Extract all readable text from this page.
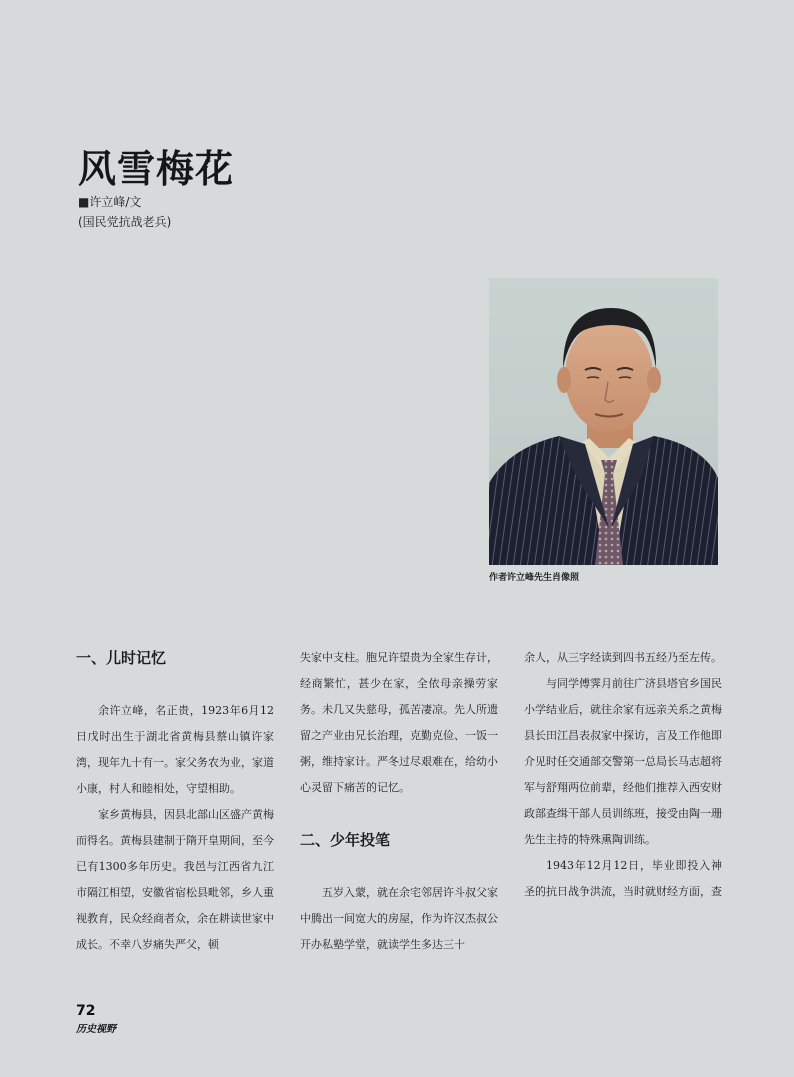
风雪梅花
■许立峰/文
(国民党抗战老兵)
作者许立峰先生肖像照
一、儿时记忆

余许立峰，名正贵，1923年6月12日戊时出生于湖北省黄梅县蔡山镇许家湾，现年九十有一。家父务农为业，家道小康，村人和睦相处，守望相助。

家乡黄梅县，因县北部山区盛产黄梅而得名。黄梅县建制于隋开皇期间，至今已有1300多年历史。我邑与江西省九江市隔江相望，安徽省宿松县毗邻，乡人重视教育，民众经商者众，余在耕读世家中成长。不幸八岁痛失严父，顿

失家中支柱。胞兄许望贵为全家生存计，经商繁忙，甚少在家，全依母亲操劳家务。未几又失慈母，孤苦凄凉。先人所遗留之产业由兄长治理，克勤克俭、一饭一粥，维持家计。严冬过尽艰难在，给幼小心灵留下痛苦的记忆。

二、少年投笔

五岁入蒙，就在余宅邻居许斗叔父家中腾出一间宽大的房屋，作为许汉杰叔公开办私塾学堂，就读学生多达三十

余人，从三字经读到四书五经乃至左传。

与同学傅霁月前往广济县塔官乡国民小学结业后，就往余家有远亲关系之黄梅县长田江昌表叔家中探访，言及工作他即介见时任交通部交警第一总局长马志超将军与舒翔两位前辈，经他们推荐入西安财政部查缉干部人员训练班，接受由陶一珊先生主持的特殊熏陶训练。

1943年12月12日，毕业即投入神圣的抗日战争洪流，当时就财经方面，查

72
历史视野
